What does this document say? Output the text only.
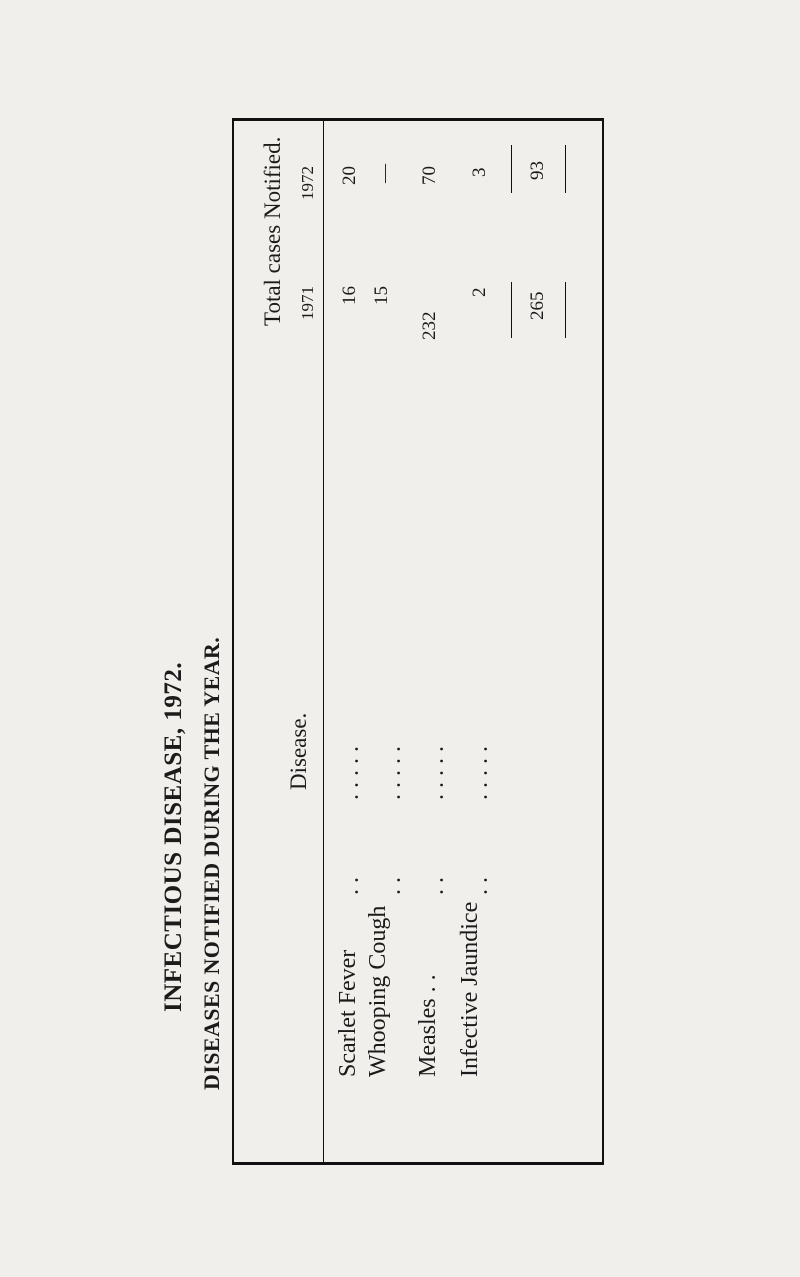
INFECTIOUS DISEASE, 1972. DISEASES NOTIFIED DURING THE YEAR.	Disease.
Total cases Notified. 1971
1972
Scarlet Fever
. .
. . . . .
16
20
Whooping Cough
. .
. . . . .
15
—
Measles . .
. .
. . . . .
232
70
Infective Jaundice
. .
. . . . .
2
3
265
93
